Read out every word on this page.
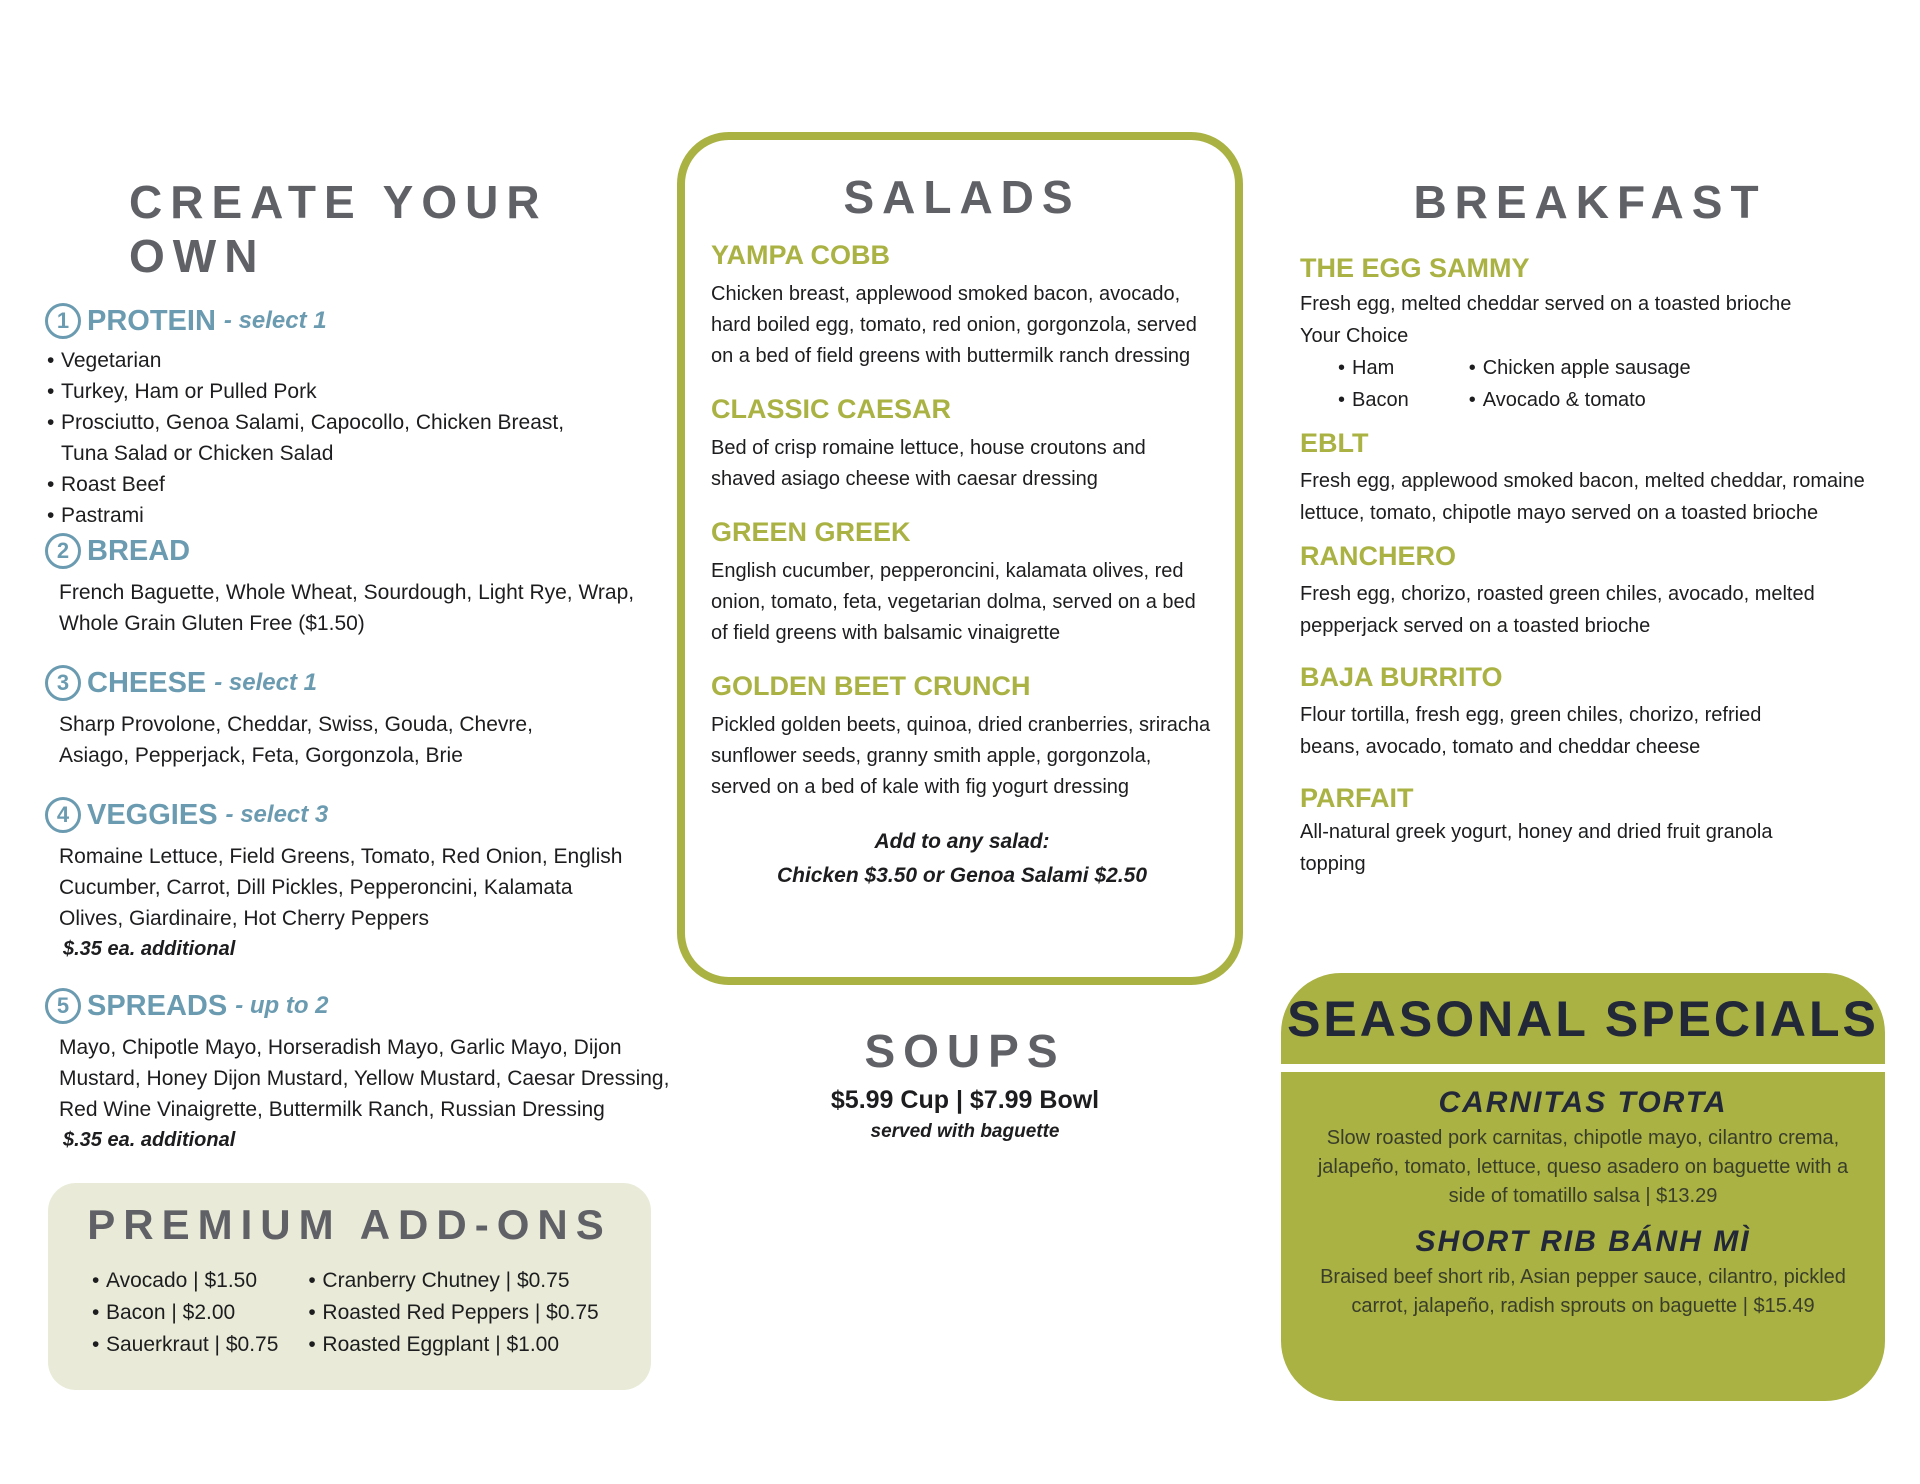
CREATE YOUR OWN
1 PROTEIN - select 1
• Vegetarian
• Turkey, Ham or Pulled Pork
• Prosciutto, Genoa Salami, Capocollo, Chicken Breast, Tuna Salad or Chicken Salad
• Roast Beef
• Pastrami
2 BREAD

French Baguette, Whole Wheat, Sourdough, Light Rye, Wrap, Whole Grain Gluten Free ($1.50)

3 CHEESE - select 1

Sharp Provolone, Cheddar, Swiss, Gouda, Chevre, Asiago, Pepperjack, Feta, Gorgonzola, Brie

4 VEGGIES - select 3

Romaine Lettuce, Field Greens, Tomato, Red Onion, English Cucumber, Carrot, Dill Pickles, Pepperoncini, Kalamata Olives, Giardinaire, Hot Cherry Peppers

$.35 ea. additional

5 SPREADS - up to 2

Mayo, Chipotle Mayo, Horseradish Mayo, Garlic Mayo, Dijon Mustard, Honey Dijon Mustard, Yellow Mustard, Caesar Dressing, Red Wine Vinaigrette, Buttermilk Ranch, Russian Dressing

$.35 ea. additional

PREMIUM ADD-ONS
• Avocado | $1.50
• Bacon | $2.00
• Sauerkraut | $0.75
• Cranberry Chutney | $0.75
• Roasted Red Peppers | $0.75
• Roasted Eggplant | $1.00
SALADS
YAMPA COBB

Chicken breast, applewood smoked bacon, avocado, hard boiled egg, tomato, red onion, gorgonzola, served on a bed of field greens with buttermilk ranch dressing

CLASSIC CAESAR

Bed of crisp romaine lettuce, house croutons and shaved asiago cheese with caesar dressing

GREEN GREEK

English cucumber, pepperoncini, kalamata olives, red onion, tomato, feta, vegetarian dolma, served on a bed of field greens with balsamic vinaigrette

GOLDEN BEET CRUNCH

Pickled golden beets, quinoa, dried cranberries, sriracha sunflower seeds, granny smith apple, gorgonzola, served on a bed of kale with fig yogurt dressing

Add to any salad:

Chicken $3.50 or Genoa Salami $2.50

SOUPS

$5.99 Cup | $7.99 Bowl

served with baguette

BREAKFAST
THE EGG SAMMY

Fresh egg, melted cheddar served on a toasted brioche

Your Choice

• Ham
• Bacon
• Chicken apple sausage
• Avocado & tomato
EBLT

Fresh egg, applewood smoked bacon, melted cheddar, romaine lettuce, tomato, chipotle mayo served on a toasted brioche

RANCHERO

Fresh egg, chorizo, roasted green chiles, avocado, melted pepperjack served on a toasted brioche

BAJA BURRITO

Flour tortilla, fresh egg, green chiles, chorizo, refried beans, avocado, tomato and cheddar cheese

PARFAIT

All-natural greek yogurt, honey and dried fruit granola topping

SEASONAL SPECIALS
CARNITAS TORTA

Slow roasted pork carnitas, chipotle mayo, cilantro crema, jalapeño, tomato, lettuce, queso asadero on baguette with a side of tomatillo salsa | $13.29

SHORT RIB BÁNH MÌ

Braised beef short rib, Asian pepper sauce, cilantro, pickled carrot, jalapeño, radish sprouts on baguette | $15.49
